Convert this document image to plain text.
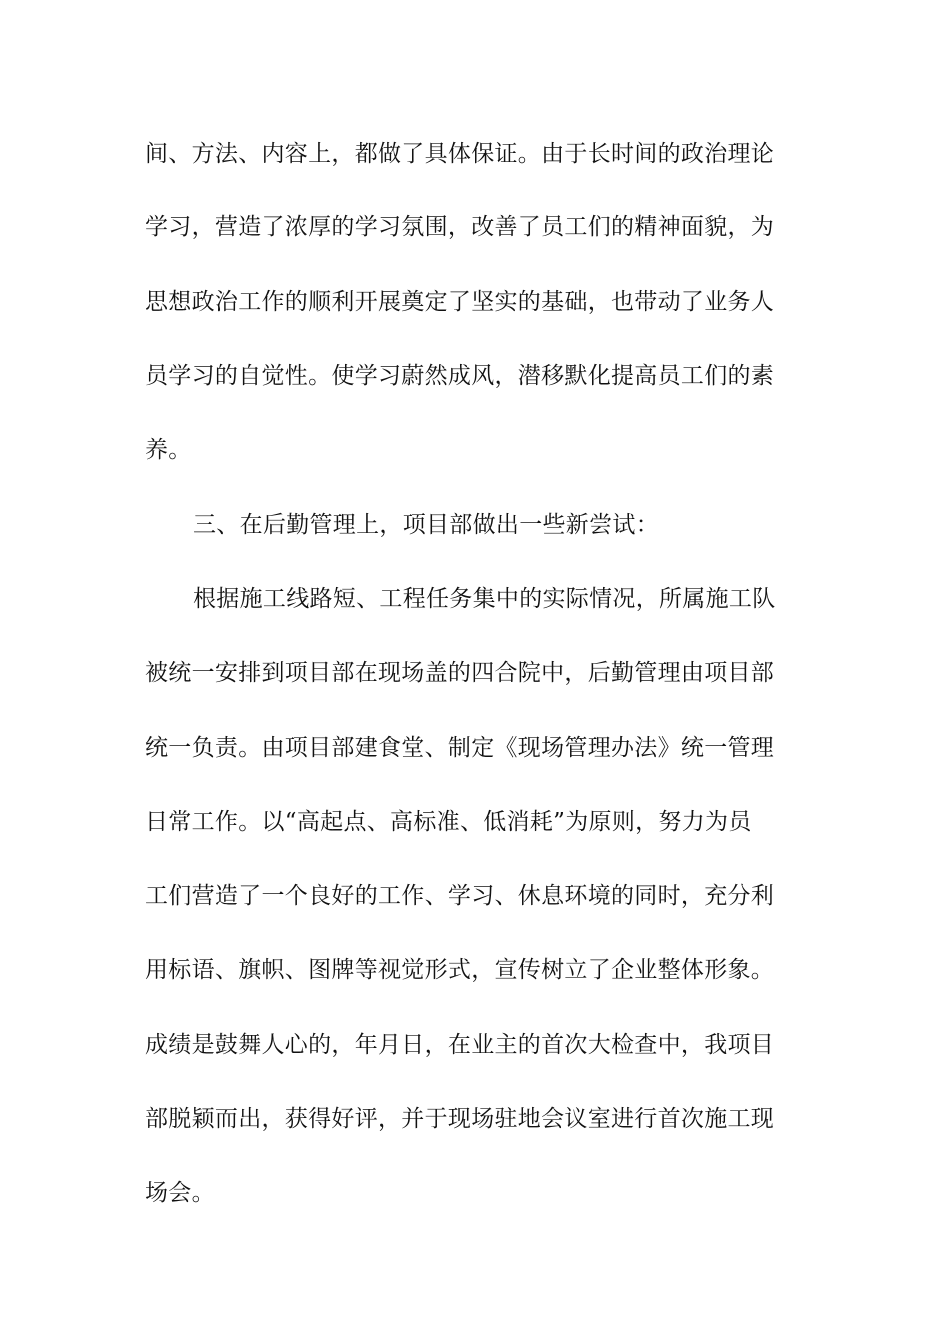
间、方法、内容上，都做了具体保证。由于长时间的政治理论
学习，营造了浓厚的学习氛围，改善了员工们的精神面貌，为
思想政治工作的顺利开展奠定了坚实的基础，也带动了业务人
员学习的自觉性。使学习蔚然成风，潜移默化提高员工们的素
养。
三、在后勤管理上，项目部做出一些新尝试：
根据施工线路短、工程任务集中的实际情况，所属施工队
被统一安排到项目部在现场盖的四合院中，后勤管理由项目部
统一负责。由项目部建食堂、制定《现场管理办法》统一管理
日常工作。以“高起点、高标准、低消耗”为原则，努力为员
工们营造了一个良好的工作、学习、休息环境的同时，充分利
用标语、旗帜、图牌等视觉形式，宣传树立了企业整体形象。
成绩是鼓舞人心的，年月日，在业主的首次大检查中，我项目
部脱颖而出，获得好评，并于现场驻地会议室进行首次施工现
场会。
